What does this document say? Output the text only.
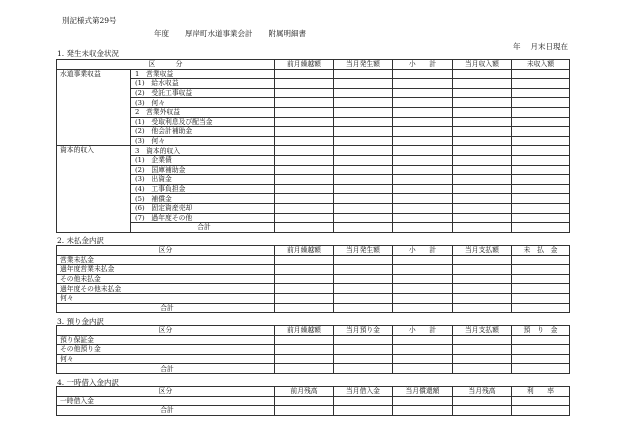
別記様式第29号
年度 厚岸町水道事業会計 附属明細書
年 月末日現在
1. 発生未収金状況
区　　　分		前月繰越額	当月発生額	小　　計	当月収入額	未収入額
水道事業収益	1　営業収益					
	(1)　給水収益					
	(2)　受託工事収益					
	(3)　何々					
	2　営業外収益					
	(1)　受取利息及び配当金					
	(2)　他会計補助金					
	(3)　何々					
資本的収入	3　資本的収入					
	(1)　企業債					
	(2)　国庫補助金					
	(3)　出資金					
	(4)　工事負担金					
	(5)　補償金					
	(6)　固定資産売却					
	(7)　過年度その他					
	合計					
2. 未払金内訳
区分	前月繰越額	当月発生額	小　　計	当月支払額	未　払　金
営業未払金					
過年度営業未払金					
その他未払金					
過年度その他未払金					
何々					
合計					
3. 預り金内訳
区分	前月繰越額	当月預り金	小　　計	当月支払額	預　り　金
預り保証金					
その他預り金					
何々					
合計					
4. 一時借入金内訳
区分	前月残高	当月借入金	当月償還額	当月残高	利　　率
一時借入金					
合計					
